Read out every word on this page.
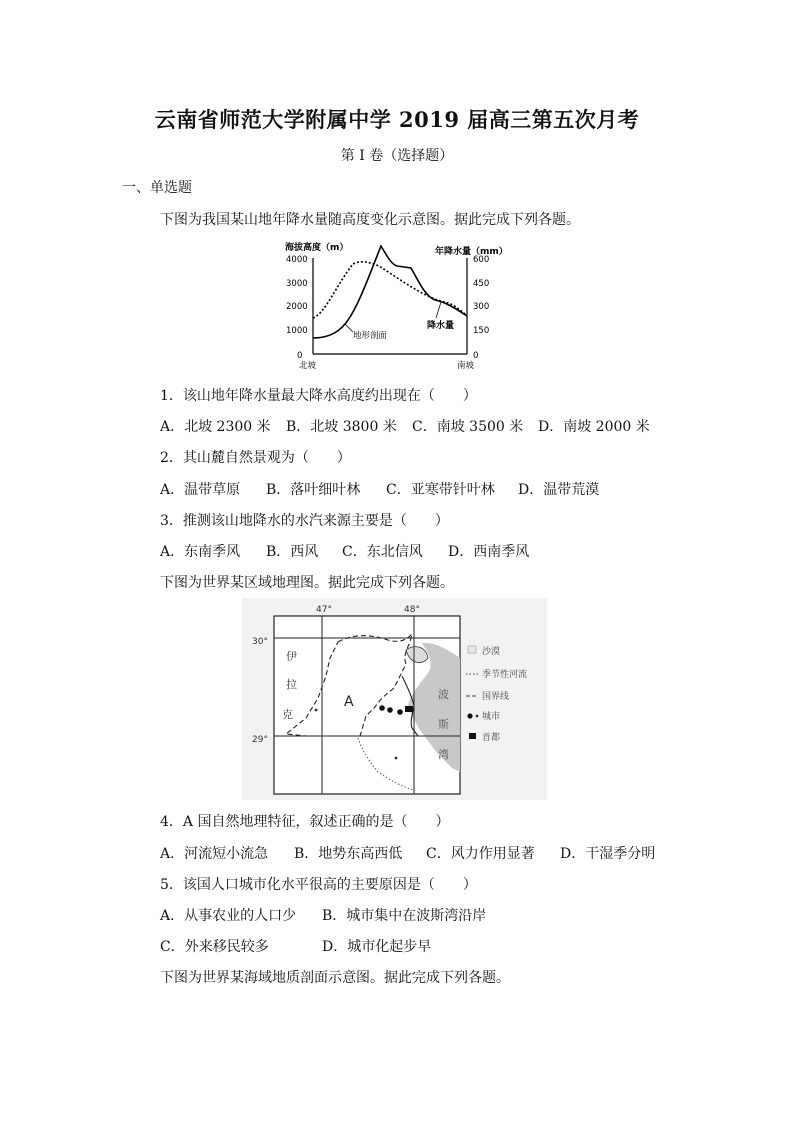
云南省师范大学附属中学 2019 届高三第五次月考
第 I 卷（选择题）
一、单选题
下图为我国某山地年降水量随高度变化示意图。据此完成下列各题。
海拔高度（m）	年降水量（mm）
4000
3000
2000
1000
0
600
450
300
150
0
地形剖面
降水量
北坡	南坡
1．该山地年降水量最大降水高度约出现在（　　）
A．北坡 2300 米 B．北坡 3800 米 C．南坡 3500 米 D．南坡 2000 米
2．其山麓自然景观为（　　）
A．温带草原 B．落叶细叶林 C．亚寒带针叶林 D．温带荒漠
3．推测该山地降水的水汽来源主要是（　　）
A．东南季风 B．西风 C．东北信风 D．西南季风
下图为世界某区域地理图。据此完成下列各题。
47°	48°
30°
29°
A
伊
拉
克
波
斯
湾
沙漠
季节性河流
国界线
城市
首都
4．A 国自然地理特征，叙述正确的是（　　）
A．河流短小流急 B．地势东高西低 C．风力作用显著 D．干湿季分明
5．该国人口城市化水平很高的主要原因是（　　）
A．从事农业的人口少 B．城市集中在波斯湾沿岸
C．外来移民较多	D．城市化起步早
下图为世界某海域地质剖面示意图。据此完成下列各题。
